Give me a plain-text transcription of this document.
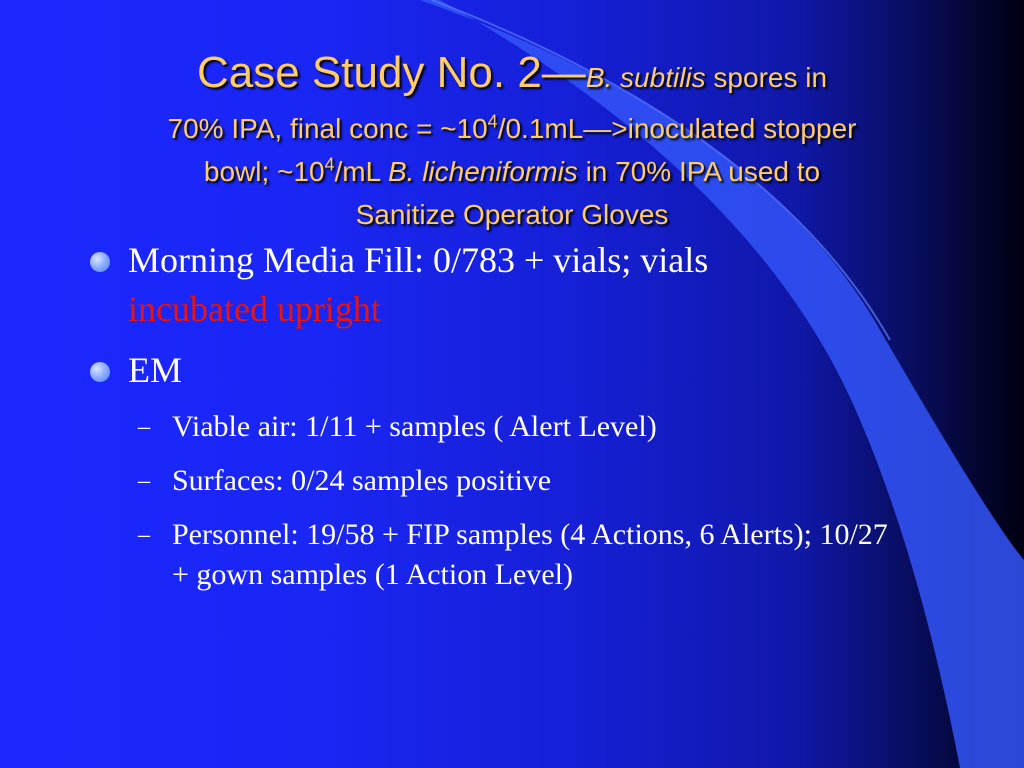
Case Study No. 2—B. subtilis spores in
70% IPA, final conc = $\sim 10^4/0.1mL—>inoculated$ stopper
bowl; $\sim 10^4/mL$ B. licheniformis in 70% IPA used to
Sanitize Operator Gloves
Morning Media Fill: 0/783 + vials; vials
incubated upright
EM
– Viable air: 1/11 + samples ( Alert Level)
– Surfaces: 0/24 samples positive
– Personnel: 19/58 + FIP samples (4 Actions, 6 Alerts); 10/27 + gown samples (1 Action Level)
